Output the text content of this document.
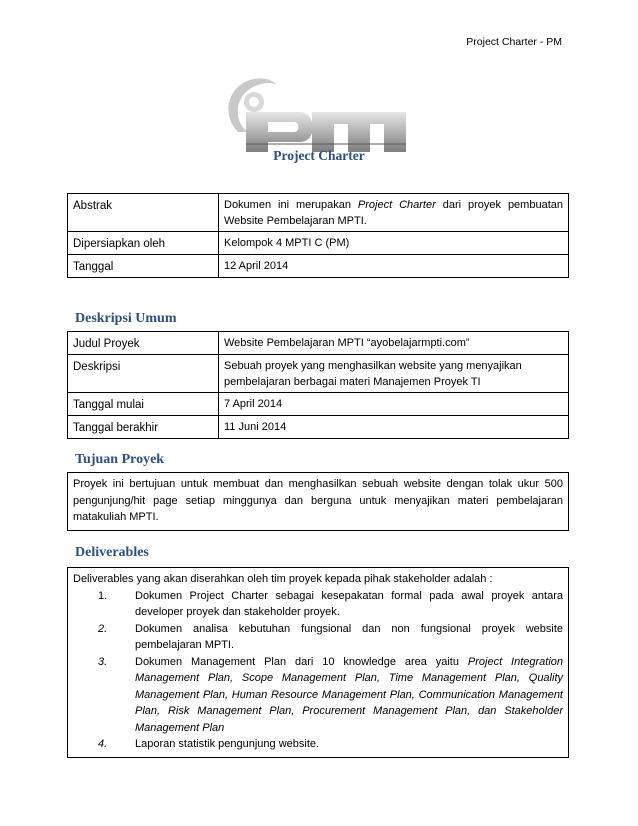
Project Charter - PM
Project Charter
Abstrak	Dokumen ini merupakan Project Charter dari proyek pembuatan Website Pembelajaran MPTI.
Dipersiapkan oleh	Kelompok 4 MPTI C (PM)
Tanggal	12 April 2014
Deskripsi Umum
Judul Proyek	Website Pembelajaran MPTI “ayobelajarmpti.com”
Deskripsi	Sebuah proyek yang menghasilkan website yang menyajikan pembelajaran berbagai materi Manajemen Proyek TI
Tanggal mulai	7 April 2014
Tanggal berakhir	11 Juni 2014
Tujuan Proyek
Proyek ini bertujuan untuk membuat dan menghasilkan sebuah website dengan tolak ukur 500 pengunjung/hit page setiap minggunya dan berguna untuk menyajikan materi pembelajaran matakuliah MPTI.
Deliverables
Deliverables yang akan diserahkan oleh tim proyek kepada pihak stakeholder adalah :
1.	Dokumen Project Charter sebagai kesepakatan formal pada awal proyek antara developer proyek dan stakeholder proyek.
2.	Dokumen analisa kebutuhan fungsional dan non fungsional proyek website pembelajaran MPTI.
3.	Dokumen Management Plan dari 10 knowledge area yaitu Project Integration Management Plan, Scope Management Plan, Time Management Plan, Quality Management Plan, Human Resource Management Plan, Communication Management Plan, Risk Management Plan, Procurement Management Plan, dan Stakeholder Management Plan
4.	Laporan statistik pengunjung website.
